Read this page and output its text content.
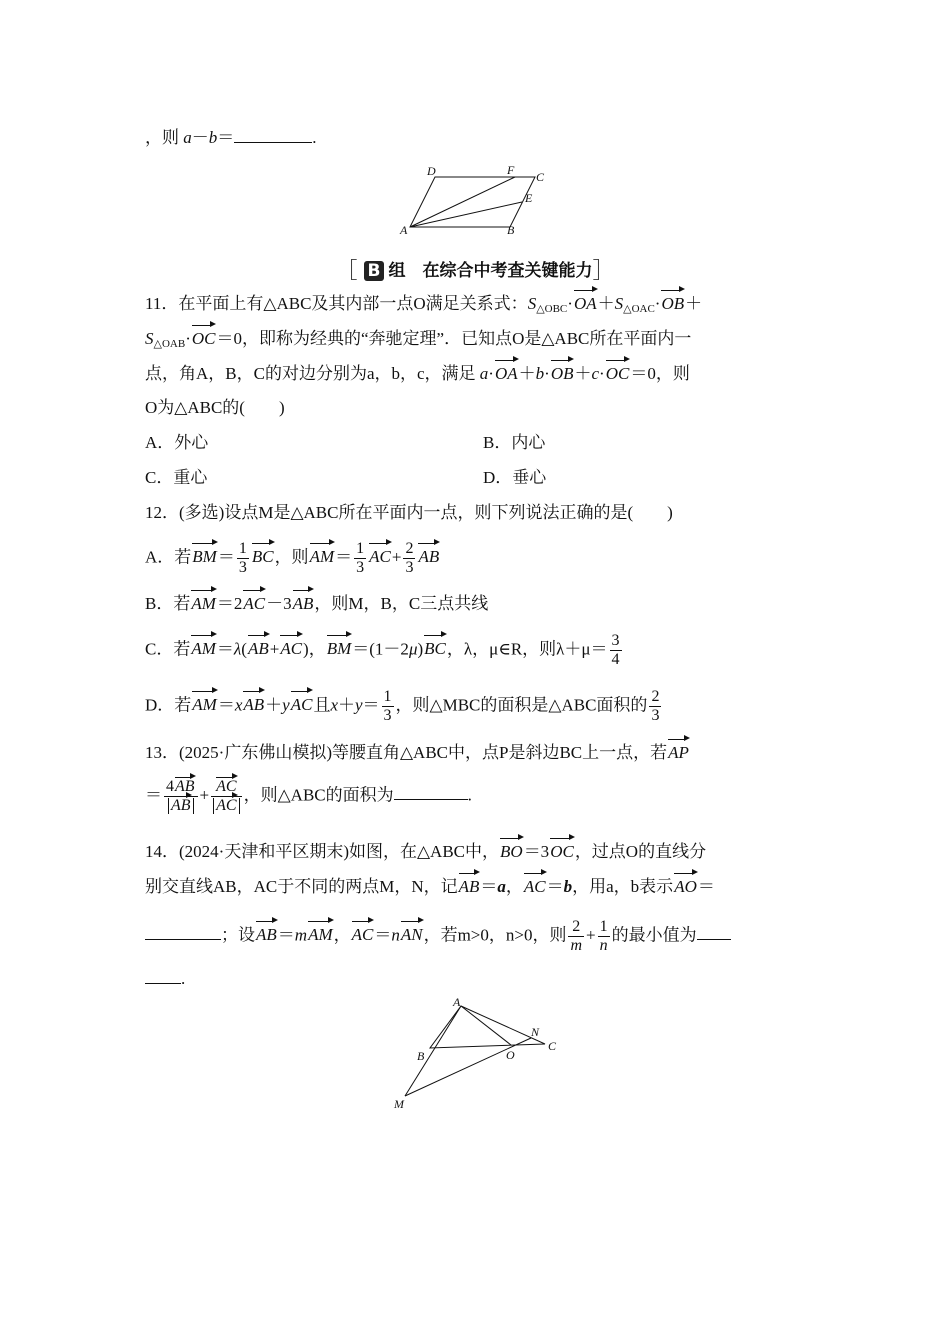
，则 a－b＝	.
D	F C
E
A	B
［ B 组　在综合中考查关键能力］
11．在平面上有△ABC及其内部一点O满足关系式：$S_{\triangle OBC}\cdot OA+S_{\triangle OAC}\cdot OB+$
$S_{\triangle OAB}\cdot OC=0$，即称为经典的“奔驰定理”．已知点O是△ABC所在平面内一
点，角A，B，C的对边分别为a，b，c，满足 a·OA＋b·OB＋c·OC＝0，则
O为△ABC的(　　)
A．外心	B．内心
C．重心	D．垂心
12．(多选)设点M是△ABC所在平面内一点，则下列说法正确的是(　　)
A．若$BM= \frac{1}{3}$ BC，则$AM= \frac{1}{3} AC+ \frac{2}{3}$ AB
B．若AM＝2AC－3AB，则M，B，C三点共线
C．若AM＝λ(AB+AC)，BM＝(1－2μ)BC，λ，μ∈R，则$\lambda+\mu= \frac{3}{4}$
D．若AM＝xAB＋yAC且$x+y= \frac{1}{3}$ ，则△MBC的面积是△ABC面积的 $\frac{2}{3}$
13．(2025·广东佛山模拟)等腰直角△ABC中，点P是斜边BC上一点，若AP
＝ $\frac{4AB}{AB} + \frac{AC}{AC}$ ，则△ABC的面积为	.
14．(2024·天津和平区期末)如图，在△ABC中，BO＝3OC，过点O的直线分
别交直线AB，AC于不同的两点M，N，记AB＝a，AC＝b，用a，b表示AO＝
；设AB＝mAM，AC＝nAN，若m>0，n>0，则 $\frac{2}{m} + \frac{1}{n}$ 的最小值为
.
A
N
C
B	O
M
